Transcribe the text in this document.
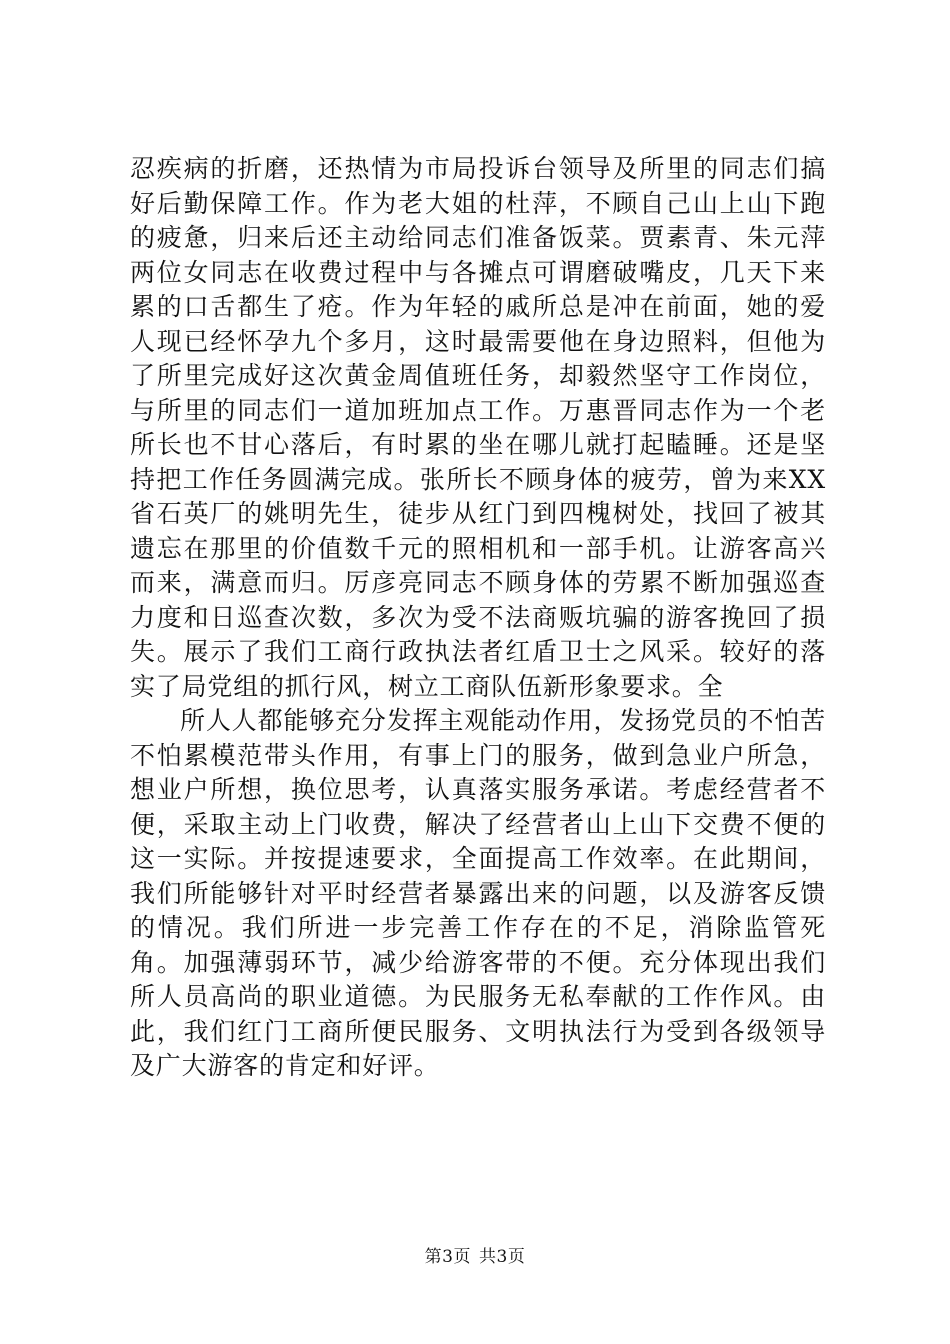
忍疾病的折磨，还热情为市局投诉台领导及所里的同志们搞好后勤保障工作。作为老大姐的杜萍，不顾自己山上山下跑的疲惫，归来后还主动给同志们准备饭菜。贾素青、朱元萍两位女同志在收费过程中与各摊点可谓磨破嘴皮，几天下来累的口舌都生了疮。作为年轻的戚所总是冲在前面，她的爱人现已经怀孕九个多月，这时最需要他在身边照料，但他为了所里完成好这次黄金周值班任务，却毅然坚守工作岗位，与所里的同志们一道加班加点工作。万惠晋同志作为一个老所长也不甘心落后，有时累的坐在哪儿就打起瞌睡。还是坚持把工作任务圆满完成。张所长不顾身体的疲劳，曾为来XX省石英厂的姚明先生，徒步从红门到四槐树处，找回了被其遗忘在那里的价值数千元的照相机和一部手机。让游客高兴而来，满意而归。厉彦亮同志不顾身体的劳累不断加强巡查力度和日巡查次数，多次为受不法商贩坑骗的游客挽回了损失。展示了我们工商行政执法者红盾卫士之风采。较好的落实了局党组的抓行风，树立工商队伍新形象要求。全

所人人都能够充分发挥主观能动作用，发扬党员的不怕苦不怕累模范带头作用，有事上门的服务，做到急业户所急，想业户所想，换位思考，认真落实服务承诺。考虑经营者不便，采取主动上门收费，解决了经营者山上山下交费不便的这一实际。并按提速要求，全面提高工作效率。在此期间，我们所能够针对平时经营者暴露出来的问题，以及游客反馈的情况。我们所进一步完善工作存在的不足，消除监管死角。加强薄弱环节，减少给游客带的不便。充分体现出我们所人员高尚的职业道德。为民服务无私奉献的工作作风。由此，我们红门工商所便民服务、文明执法行为受到各级领导及广大游客的肯定和好评。

第3页 共3页
